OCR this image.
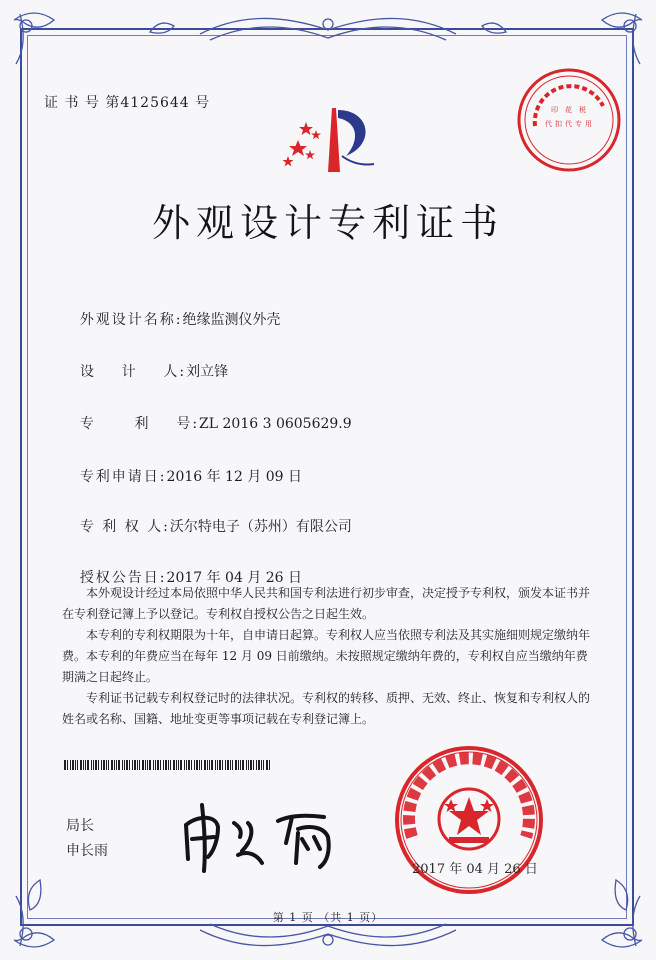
证 书 号 第4125644 号	印 花 税
代 扣 代 专 用
外观设计专利证书

外观设计名称:绝缘监测仪外壳

设    计    人:刘立锋

专      利    号:ZL 2016 3 0605629.9

专利申请日:2016 年 12 月 09 日

专 利 权 人:沃尔特电子（苏州）有限公司

授权公告日:2017 年 04 月 26 日

本外观设计经过本局依照中华人民共和国专利法进行初步审查，决定授予专利权，颁发本证书并在专利登记簿上予以登记。专利权自授权公告之日起生效。

本专利的专利权期限为十年，自申请日起算。专利权人应当依照专利法及其实施细则规定缴纳年费。本专利的年费应当在每年 12 月 09 日前缴纳。未按照规定缴纳年费的，专利权自应当缴纳年费期满之日起终止。

专利证书记载专利权登记时的法律状况。专利权的转移、质押、无效、终止、恢复和专利权人的姓名或名称、国籍、地址变更等事项记载在专利登记簿上。

局长
申长雨
2017 年 04 月 26 日
第 1 页 （共 1 页）
